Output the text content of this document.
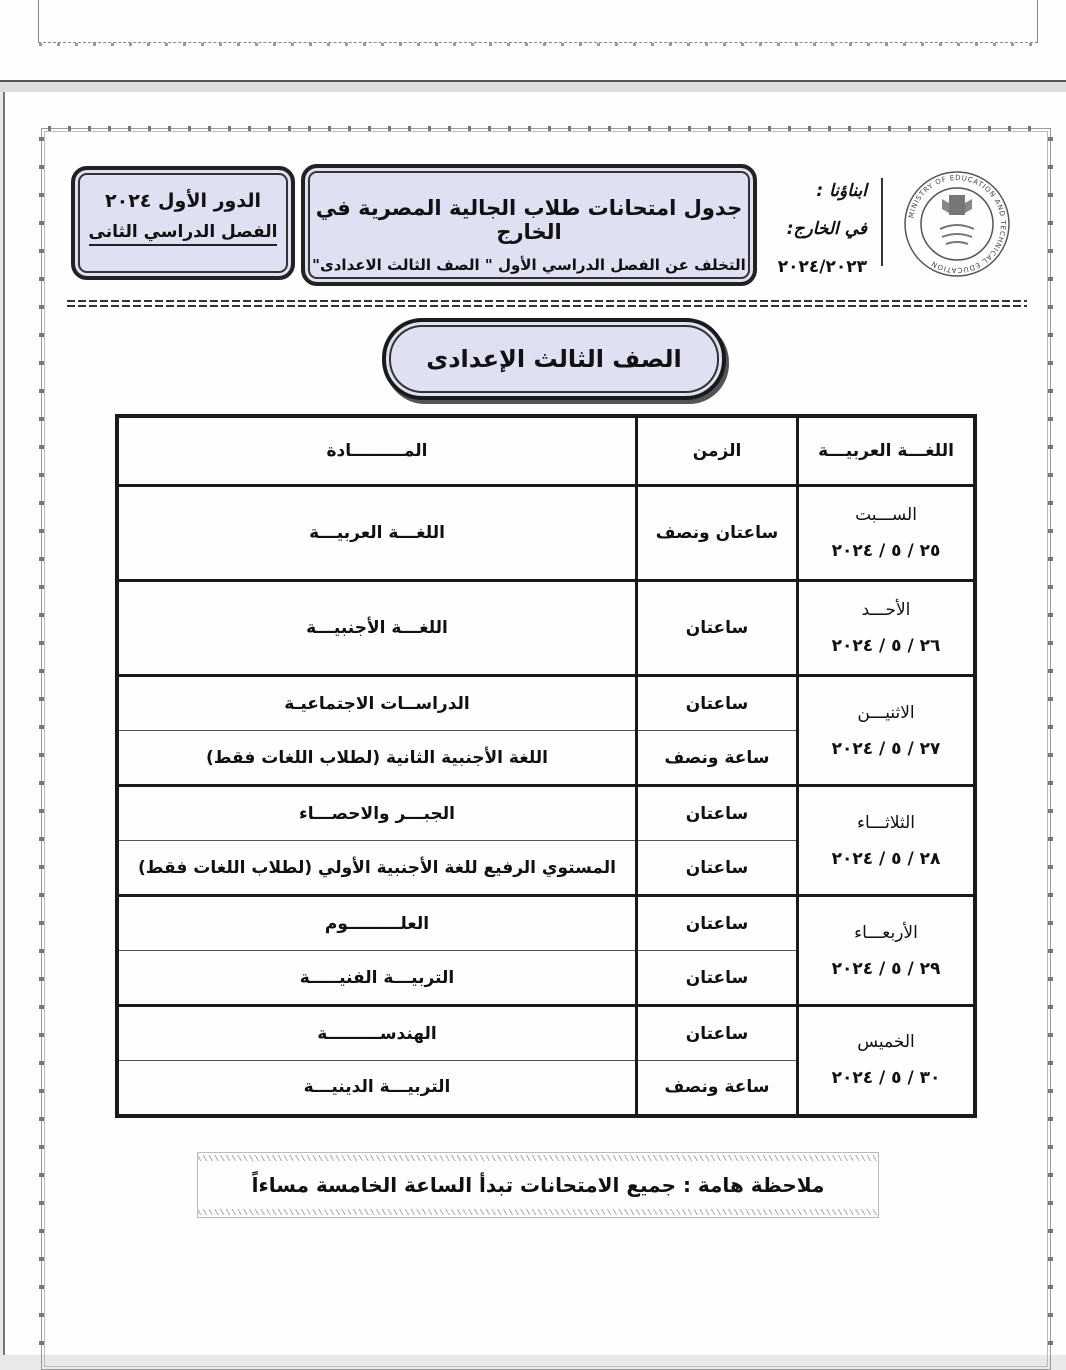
الدور الأول ٢٠٢٤
الفصل الدراسي الثانى
جدول امتحانات طلاب الجالية المصرية في الخارج
التخلف عن الفصل الدراسي الأول " الصف الثالث الاعدادى"
ابناؤنا :
في الخارج:
٢٠٢٤/٢٠٢٣
MINISTRY OF EDUCATION AND TECHNICAL EDUCATION
الصف الثالث الإعدادى
اللغـــة العربيـــة	الزمن	المـــــــــادة

الســـبت
٢٥ / ٥ / ٢٠٢٤	ساعتان ونصف	اللغـــة العربيـــة

الأحـــد
٢٦ / ٥ / ٢٠٢٤	ساعتان	اللغـــة الأجنبيـــة

الاثنيـــن
٢٧ / ٥ / ٢٠٢٤	ساعتان	الدراســات الاجتماعيـة
	ساعة ونصف	اللغة الأجنبية الثانية (لطلاب اللغات فقط)

الثلاثـــاء
٢٨ / ٥ / ٢٠٢٤	ساعتان	الجبـــر والاحصـــاء
	ساعتان	المستوي الرفيع للغة الأجنبية الأولي (لطلاب اللغات فقط)

الأربعـــاء
٢٩ / ٥ / ٢٠٢٤	ساعتان	العلـــــــــوم
	ساعتان	التربيـــة الفنيـــــة

الخميس
٣٠ / ٥ / ٢٠٢٤	ساعتان	الهندســـــــــة
	ساعة ونصف	التربيـــة الدينيـــة
ملاحظة هامة : جميع الامتحانات تبدأ الساعة الخامسة مساءاً
